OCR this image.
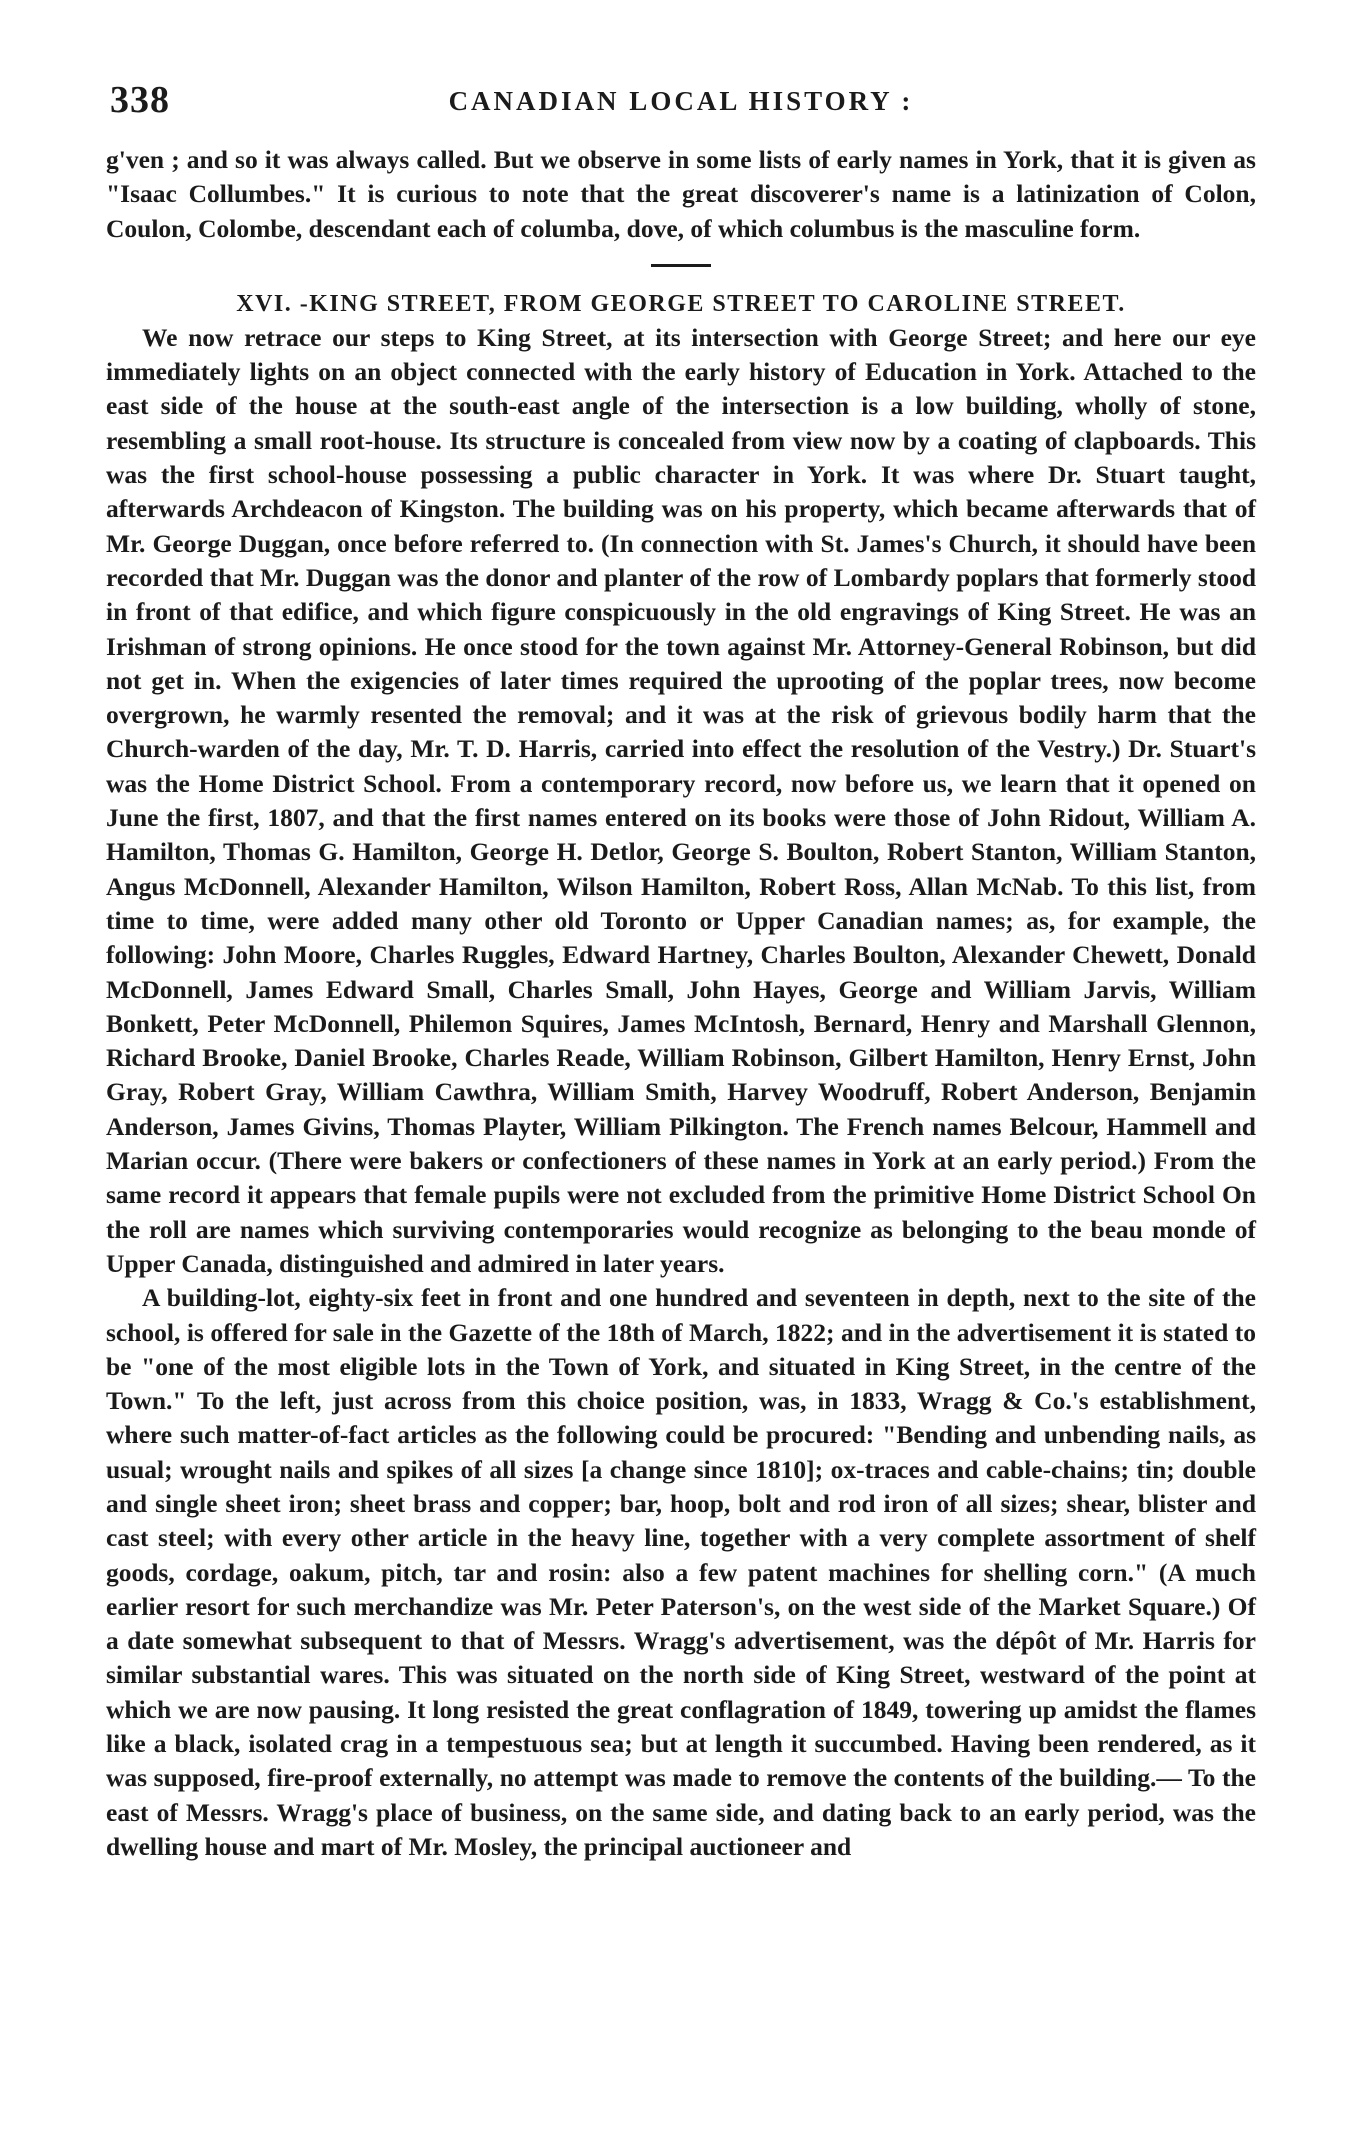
338	CANADIAN LOCAL HISTORY :

g'ven ; and so it was always called. But we observe in some lists of early names in York, that it is given as "Isaac Collumbes." It is curious to note that the great discoverer's name is a latinization of Colon, Coulon, Colombe, descendant each of columba, dove, of which columbus is the masculine form.

XVI. -KING STREET, FROM GEORGE STREET TO CAROLINE STREET.

We now retrace our steps to King Street, at its intersection with George Street; and here our eye immediately lights on an object connected with the early history of Education in York. Attached to the east side of the house at the south-east angle of the intersection is a low building, wholly of stone, resembling a small root-house. Its structure is concealed from view now by a coating of clapboards. This was the first school-house possessing a public character in York. It was where Dr. Stuart taught, afterwards Archdeacon of Kingston. The building was on his property, which became afterwards that of Mr. George Duggan, once before referred to. (In connection with St. James's Church, it should have been recorded that Mr. Duggan was the donor and planter of the row of Lombardy poplars that formerly stood in front of that edifice, and which figure conspicuously in the old engravings of King Street. He was an Irishman of strong opinions. He once stood for the town against Mr. Attorney-General Robinson, but did not get in. When the exigencies of later times required the uprooting of the poplar trees, now become overgrown, he warmly resented the removal; and it was at the risk of grievous bodily harm that the Church-warden of the day, Mr. T. D. Harris, carried into effect the resolution of the Vestry.) Dr. Stuart's was the Home District School. From a contemporary record, now before us, we learn that it opened on June the first, 1807, and that the first names entered on its books were those of John Ridout, William A. Hamilton, Thomas G. Hamilton, George H. Detlor, George S. Boulton, Robert Stanton, William Stanton, Angus McDonnell, Alexander Hamilton, Wilson Hamilton, Robert Ross, Allan McNab. To this list, from time to time, were added many other old Toronto or Upper Canadian names; as, for example, the following: John Moore, Charles Ruggles, Edward Hartney, Charles Boulton, Alexander Chewett, Donald McDonnell, James Edward Small, Charles Small, John Hayes, George and William Jarvis, William Bonkett, Peter McDonnell, Philemon Squires, James McIntosh, Bernard, Henry and Marshall Glennon, Richard Brooke, Daniel Brooke, Charles Reade, William Robinson, Gilbert Hamilton, Henry Ernst, John Gray, Robert Gray, William Cawthra, William Smith, Harvey Woodruff, Robert Anderson, Benjamin Anderson, James Givins, Thomas Playter, William Pilkington. The French names Belcour, Hammell and Marian occur. (There were bakers or confectioners of these names in York at an early period.) From the same record it appears that female pupils were not excluded from the primitive Home District School On the roll are names which surviving contemporaries would recognize as belonging to the beau monde of Upper Canada, distinguished and admired in later years.

A building-lot, eighty-six feet in front and one hundred and seventeen in depth, next to the site of the school, is offered for sale in the Gazette of the 18th of March, 1822; and in the advertisement it is stated to be "one of the most eligible lots in the Town of York, and situated in King Street, in the centre of the Town." To the left, just across from this choice position, was, in 1833, Wragg & Co.'s establishment, where such matter-of-fact articles as the following could be procured: "Bending and unbending nails, as usual; wrought nails and spikes of all sizes [a change since 1810]; ox-traces and cable-chains; tin; double and single sheet iron; sheet brass and copper; bar, hoop, bolt and rod iron of all sizes; shear, blister and cast steel; with every other article in the heavy line, together with a very complete assortment of shelf goods, cordage, oakum, pitch, tar and rosin: also a few patent machines for shelling corn." (A much earlier resort for such merchandize was Mr. Peter Paterson's, on the west side of the Market Square.) Of a date somewhat subsequent to that of Messrs. Wragg's advertisement, was the dépôt of Mr. Harris for similar substantial wares. This was situated on the north side of King Street, westward of the point at which we are now pausing. It long resisted the great conflagration of 1849, towering up amidst the flames like a black, isolated crag in a tempestuous sea; but at length it succumbed. Having been rendered, as it was supposed, fire-proof externally, no attempt was made to remove the contents of the building.— To the east of Messrs. Wragg's place of business, on the same side, and dating back to an early period, was the dwelling house and mart of Mr. Mosley, the principal auctioneer and
